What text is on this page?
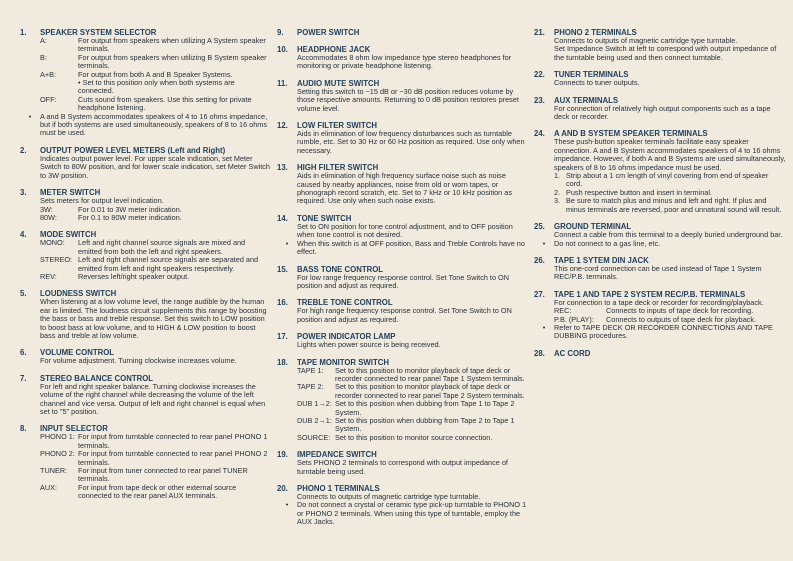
1.	SPEAKER SYSTEM SELECTOR
A:	For output from speakers when utilizing A System speaker terminals.
B:	For output from speakers when utilizing B System speaker terminals.
A+B:	For output from both A and B Speaker Systems.
• Set to this position only when both systems are connected.
OFF:	Cuts sound from speakers. Use this setting for private headphone listening.
•	A and B System accommodates speakers of 4 to 16 ohms impedance, but if both systems are used simultaneously, speakers of 8 to 16 ohms must be used.
2.	OUTPUT POWER LEVEL METERS (Left and Right)

Indicates output power level. For upper scale indication, set Meter Switch to 80W position, and for lower scale indication, set Meter Switch to 3W position.

3.	METER SWITCH

Sets meters for output level indication.

3W:	For 0.01 to 3W meter indication.
80W:	For 0.1 to 80W meter indication.
4.	MODE SWITCH
MONO:	Left and right channel source signals are mixed and emitted from both the left and right speakers.
STEREO: Left and right channel source signals are separated and emitted from left and right speakers respectively.
REV:	Reverses left/right speaker output.
5.	LOUDNESS SWITCH

When listening at a low volume level, the range audible by the human ear is limited. The loudness circuit supplements this range by boosting the bass or bass and treble response. Set this switch to LOW position to boost bass at low volume, and to HIGH & LOW position to boost bass and treble at low volume.

6.	VOLUME CONTROL

For volume adjustment. Turning clockwise increases volume.

7.	STEREO BALANCE CONTROL

For left and right speaker balance. Turning clockwise increases the volume of the right channel while decreasing the volume of the left channel and vice versa. Output of left and right channel is equal when set to "5" position.

8.	INPUT SELECTOR
PHONO 1: For input from turntable connected to rear panel PHONO 1 terminals.
PHONO 2: For input from turntable connected to rear panel PHONO 2 terminals.
TUNER:	For input from tuner connected to rear panel TUNER terminals.
AUX:	For input from tape deck or other external source connected to the rear panel AUX terminals.
9.	POWER SWITCH
10.	HEADPHONE JACK

Accommodates 8 ohm low impedance type stereo headphones for monitoring or private headphone listening.

11.	AUDIO MUTE SWITCH

Setting this switch to −15 dB or −30 dB position reduces volume by those respective amounts. Returning to 0 dB position restores preset volume level.

12.	LOW FILTER SWITCH

Aids in elimination of low frequency disturbances such as turntable rumble, etc. Set to 30 Hz or 60 Hz position as required. Use only when necessary.

13.	HIGH FILTER SWITCH

Aids in elimination of high frequency surface noise such as noise caused by nearby appliances, noise from old or worn tapes, or phonograph record scratch, etc. Set to 7 kHz or 10 kHz position as required. Use only when such noise exists.

14.	TONE SWITCH

Set to ON position for tone control adjustment, and to OFF position when tone control is not desired.

•	When this switch is at OFF position, Bass and Treble Controls have no effect.
15.	BASS TONE CONTROL

For low range frequency response control. Set Tone Switch to ON position and adjust as required.

16.	TREBLE TONE CONTROL

For high range frequency response control. Set Tone Switch to ON position and adjust as required.

17.	POWER INDICATOR LAMP

Lights when power source is being received.

18.	TAPE MONITOR SWITCH
TAPE 1:	Set to this position to monitor playback of tape deck or recorder connected to rear panel Tape 1 System terminals.
TAPE 2:	Set to this position to monitor playback of tape deck or recorder connected to rear panel Tape 2 System terminals.
DUB 1→2: Set to this position when dubbing from Tape 1 to Tape 2 System.
DUB 2→1: Set to this position when dubbing from Tape 2 to Tape 1 System.
SOURCE: Set to this position to monitor source connection.
19.	IMPEDANCE SWITCH

Sets PHONO 2 terminals to correspond with output impedance of turntable being used.

20.	PHONO 1 TERMINALS

Connects to outputs of magnetic cartridge type turntable.

•	Do not connect a crystal or ceramic type pick-up turntable to PHONO 1 or PHONO 2 terminals. When using this type of turntable, employ the AUX Jacks.
21.	PHONO 2 TERMINALS

Connects to outputs of magnetic cartridge type turntable.

Set Impedance Switch at left to correspond with output impedance of the turntable being used and then connect turntable.

22.	TUNER TERMINALS

Connects to tuner outputs.

23.	AUX TERMINALS

For connection of relatively high output components such as a tape deck or recorder.

24.	A AND B SYSTEM SPEAKER TERMINALS

These push-button speaker terminals facilitate easy speaker connection. A and B System accommodates speakers of 4 to 16 ohms impedance. However, if both A and B Systems are used simultaneously, speakers of 8 to 16 ohms impedance must be used.

1. Strip about a 1 cm length of vinyl covering from end of speaker cord.
2. Push respective button and insert in terminal.
3. Be sure to match plus and minus and left and right. If plus and minus terminals are reversed, poor and unnatural sound will result.
25.	GROUND TERMINAL

Connect a cable from this terminal to a deeply buried underground bar.

•	Do not connect to a gas line, etc.
26.	TAPE 1 SYTEM DIN JACK

This one-cord connection can be used instead of Tape 1 System REC/P.B. terminals.

27.	TAPE 1 AND TAPE 2 SYSTEM REC/P.B. TERMINALS

For connection to a tape deck or recorder for recording/playback.

REC:	Connects to inputs of tape deck for recording.
P.B. (PLAY):	Connects to outputs of tape deck for playback.
•	Refer to TAPE DECK OR RECORDER CONNECTIONS AND TAPE DUBBING procedures.
28.	AC CORD
